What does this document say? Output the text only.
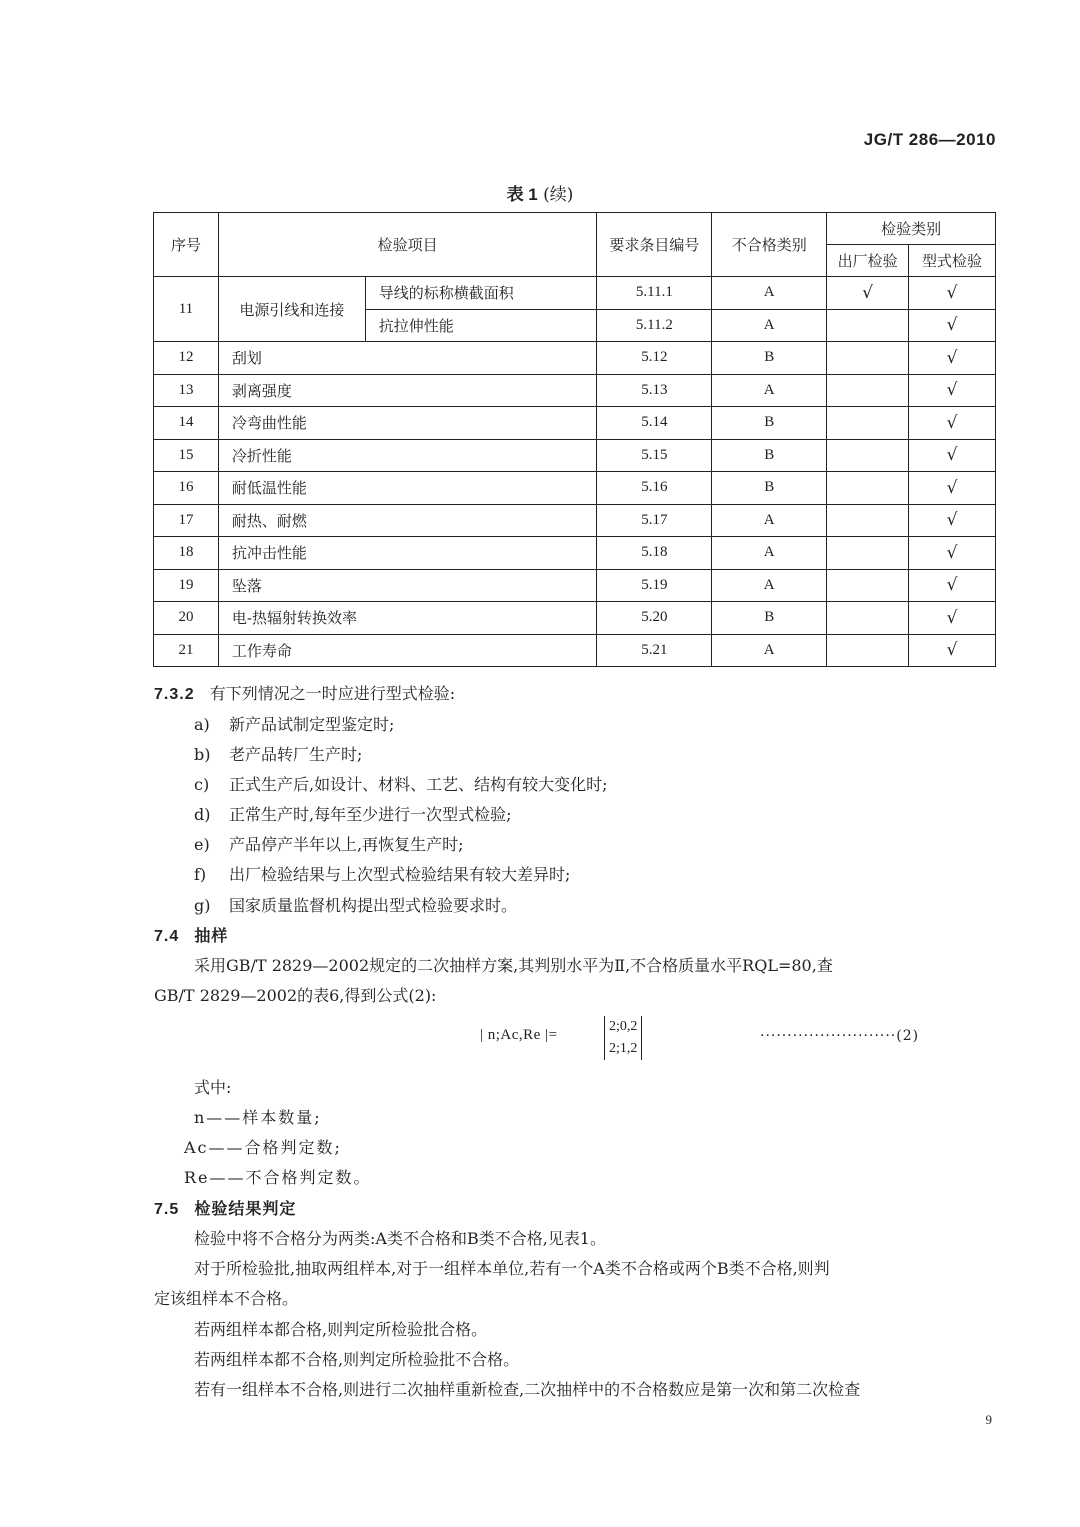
JG/T 286—2010
表 1 (续)
序号	检验项目		要求条目编号	不合格类别	检验类别	
					出厂检验	型式检验
11	电源引线和连接	导线的标称横截面积	5.11.1	A	√	√
		抗拉伸性能	5.11.2	A		√
12	刮划		5.12	B		√
13	剥离强度		5.13	A		√
14	冷弯曲性能		5.14	B		√
15	冷折性能		5.15	B		√
16	耐低温性能		5.16	B		√
17	耐热、耐燃		5.17	A		√
18	抗冲击性能		5.18	A		√
19	坠落		5.19	A		√
20	电-热辐射转换效率		5.20	B		√
21	工作寿命		5.21	A		√
7.3.2 有下列情况之一时应进行型式检验:
a) 新产品试制定型鉴定时;
b) 老产品转厂生产时;
c) 正式生产后,如设计、材料、工艺、结构有较大变化时;
d) 正常生产时,每年至少进行一次型式检验;
e) 产品停产半年以上,再恢复生产时;
f) 出厂检验结果与上次型式检验结果有较大差异时;
g) 国家质量监督机构提出型式检验要求时。
7.4 抽样
采用GB/T 2829—2002规定的二次抽样方案,其判别水平为Ⅱ,不合格质量水平RQL=80,查
GB/T 2829—2002的表6,得到公式(2):
| n;Ac,Re |=
2;0,2
2;1,2
·························(2)
式中:
n——样本数量;
Ac——合格判定数;
Re——不合格判定数。
7.5 检验结果判定
检验中将不合格分为两类:A类不合格和B类不合格,见表1。
对于所检验批,抽取两组样本,对于一组样本单位,若有一个A类不合格或两个B类不合格,则判
定该组样本不合格。
若两组样本都合格,则判定所检验批合格。
若两组样本都不合格,则判定所检验批不合格。
若有一组样本不合格,则进行二次抽样重新检查,二次抽样中的不合格数应是第一次和第二次检查
9
